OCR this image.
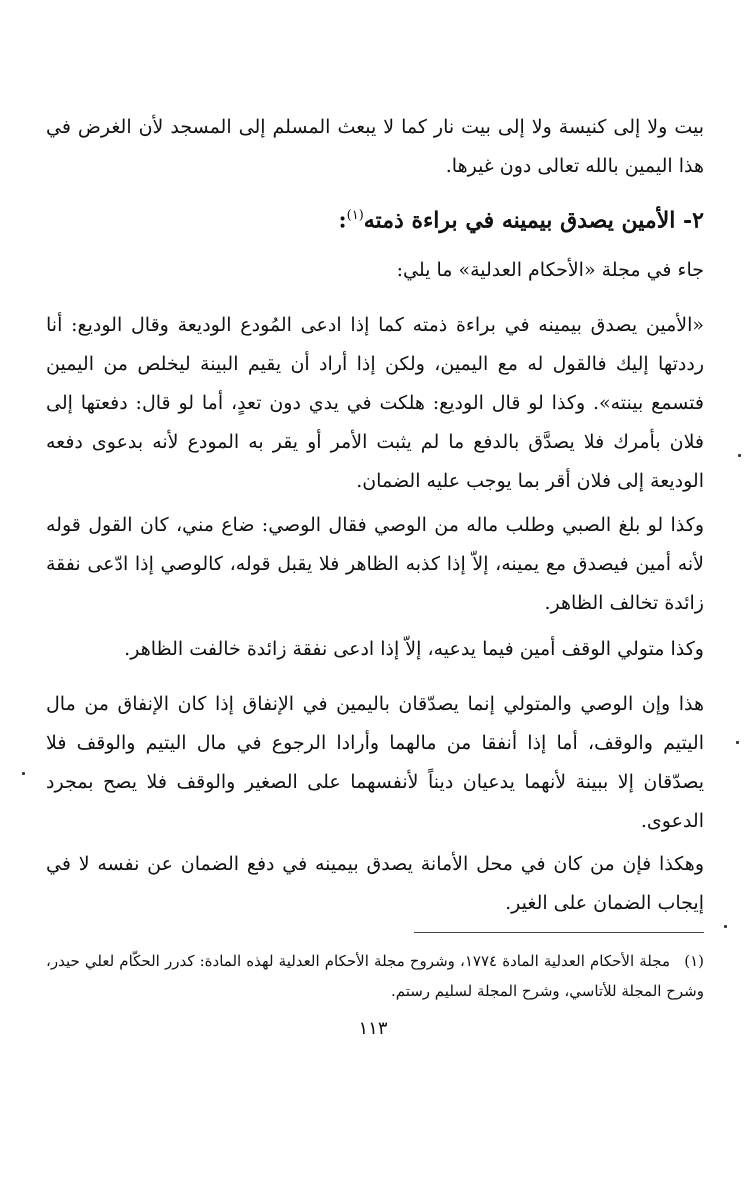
بيت ولا إلى كنيسة ولا إلى بيت نار كما لا يبعث المسلم إلى المسجد لأن الغرض في هذا اليمين بالله تعالى دون غيرها.
٢- الأمين يصدق بيمينه في براءة ذمته$^{(١)}$:
جاء في مجلة «الأحكام العدلية» ما يلي:
«الأمين يصدق بيمينه في براءة ذمته كما إذا ادعى المُودع الوديعة وقال الوديع: أنا رددتها إليك فالقول له مع اليمين، ولكن إذا أراد أن يقيم البينة ليخلص من اليمين فتسمع بينته». وكذا لو قال الوديع: هلكت في يدي دون تعدٍ، أما لو قال: دفعتها إلى فلان بأمرك فلا يصدَّق بالدفع ما لم يثبت الأمر أو يقر به المودع لأنه بدعوى دفعه الوديعة إلى فلان أقر بما يوجب عليه الضمان.
وكذا لو بلغ الصبي وطلب ماله من الوصي فقال الوصي: ضاع مني، كان القول قوله لأنه أمين فيصدق مع يمينه، إلاّ إذا كذبه الظاهر فلا يقبل قوله، كالوصي إذا ادّعى نفقة زائدة تخالف الظاهر.
وكذا متولي الوقف أمين فيما يدعيه، إلاّ إذا ادعى نفقة زائدة خالفت الظاهر.
هذا وإن الوصي والمتولي إنما يصدّقان باليمين في الإنفاق إذا كان الإنفاق من مال اليتيم والوقف، أما إذا أنفقا من مالهما وأرادا الرجوع في مال اليتيم والوقف فلا يصدّقان إلا ببينة لأنهما يدعيان ديناً لأنفسهما على الصغير والوقف فلا يصح بمجرد الدعوى.
وهكذا فإن من كان في محل الأمانة يصدق بيمينه في دفع الضمان عن نفسه لا في إيجاب الضمان على الغير.
(١)مجلة الأحكام العدلية المادة ١٧٧٤، وشروح مجلة الأحكام العدلية لهذه المادة: كدرر الحكّام لعلي حيدر، وشرح المجلة للأتاسي، وشرح المجلة لسليم رستم.
١١٣
